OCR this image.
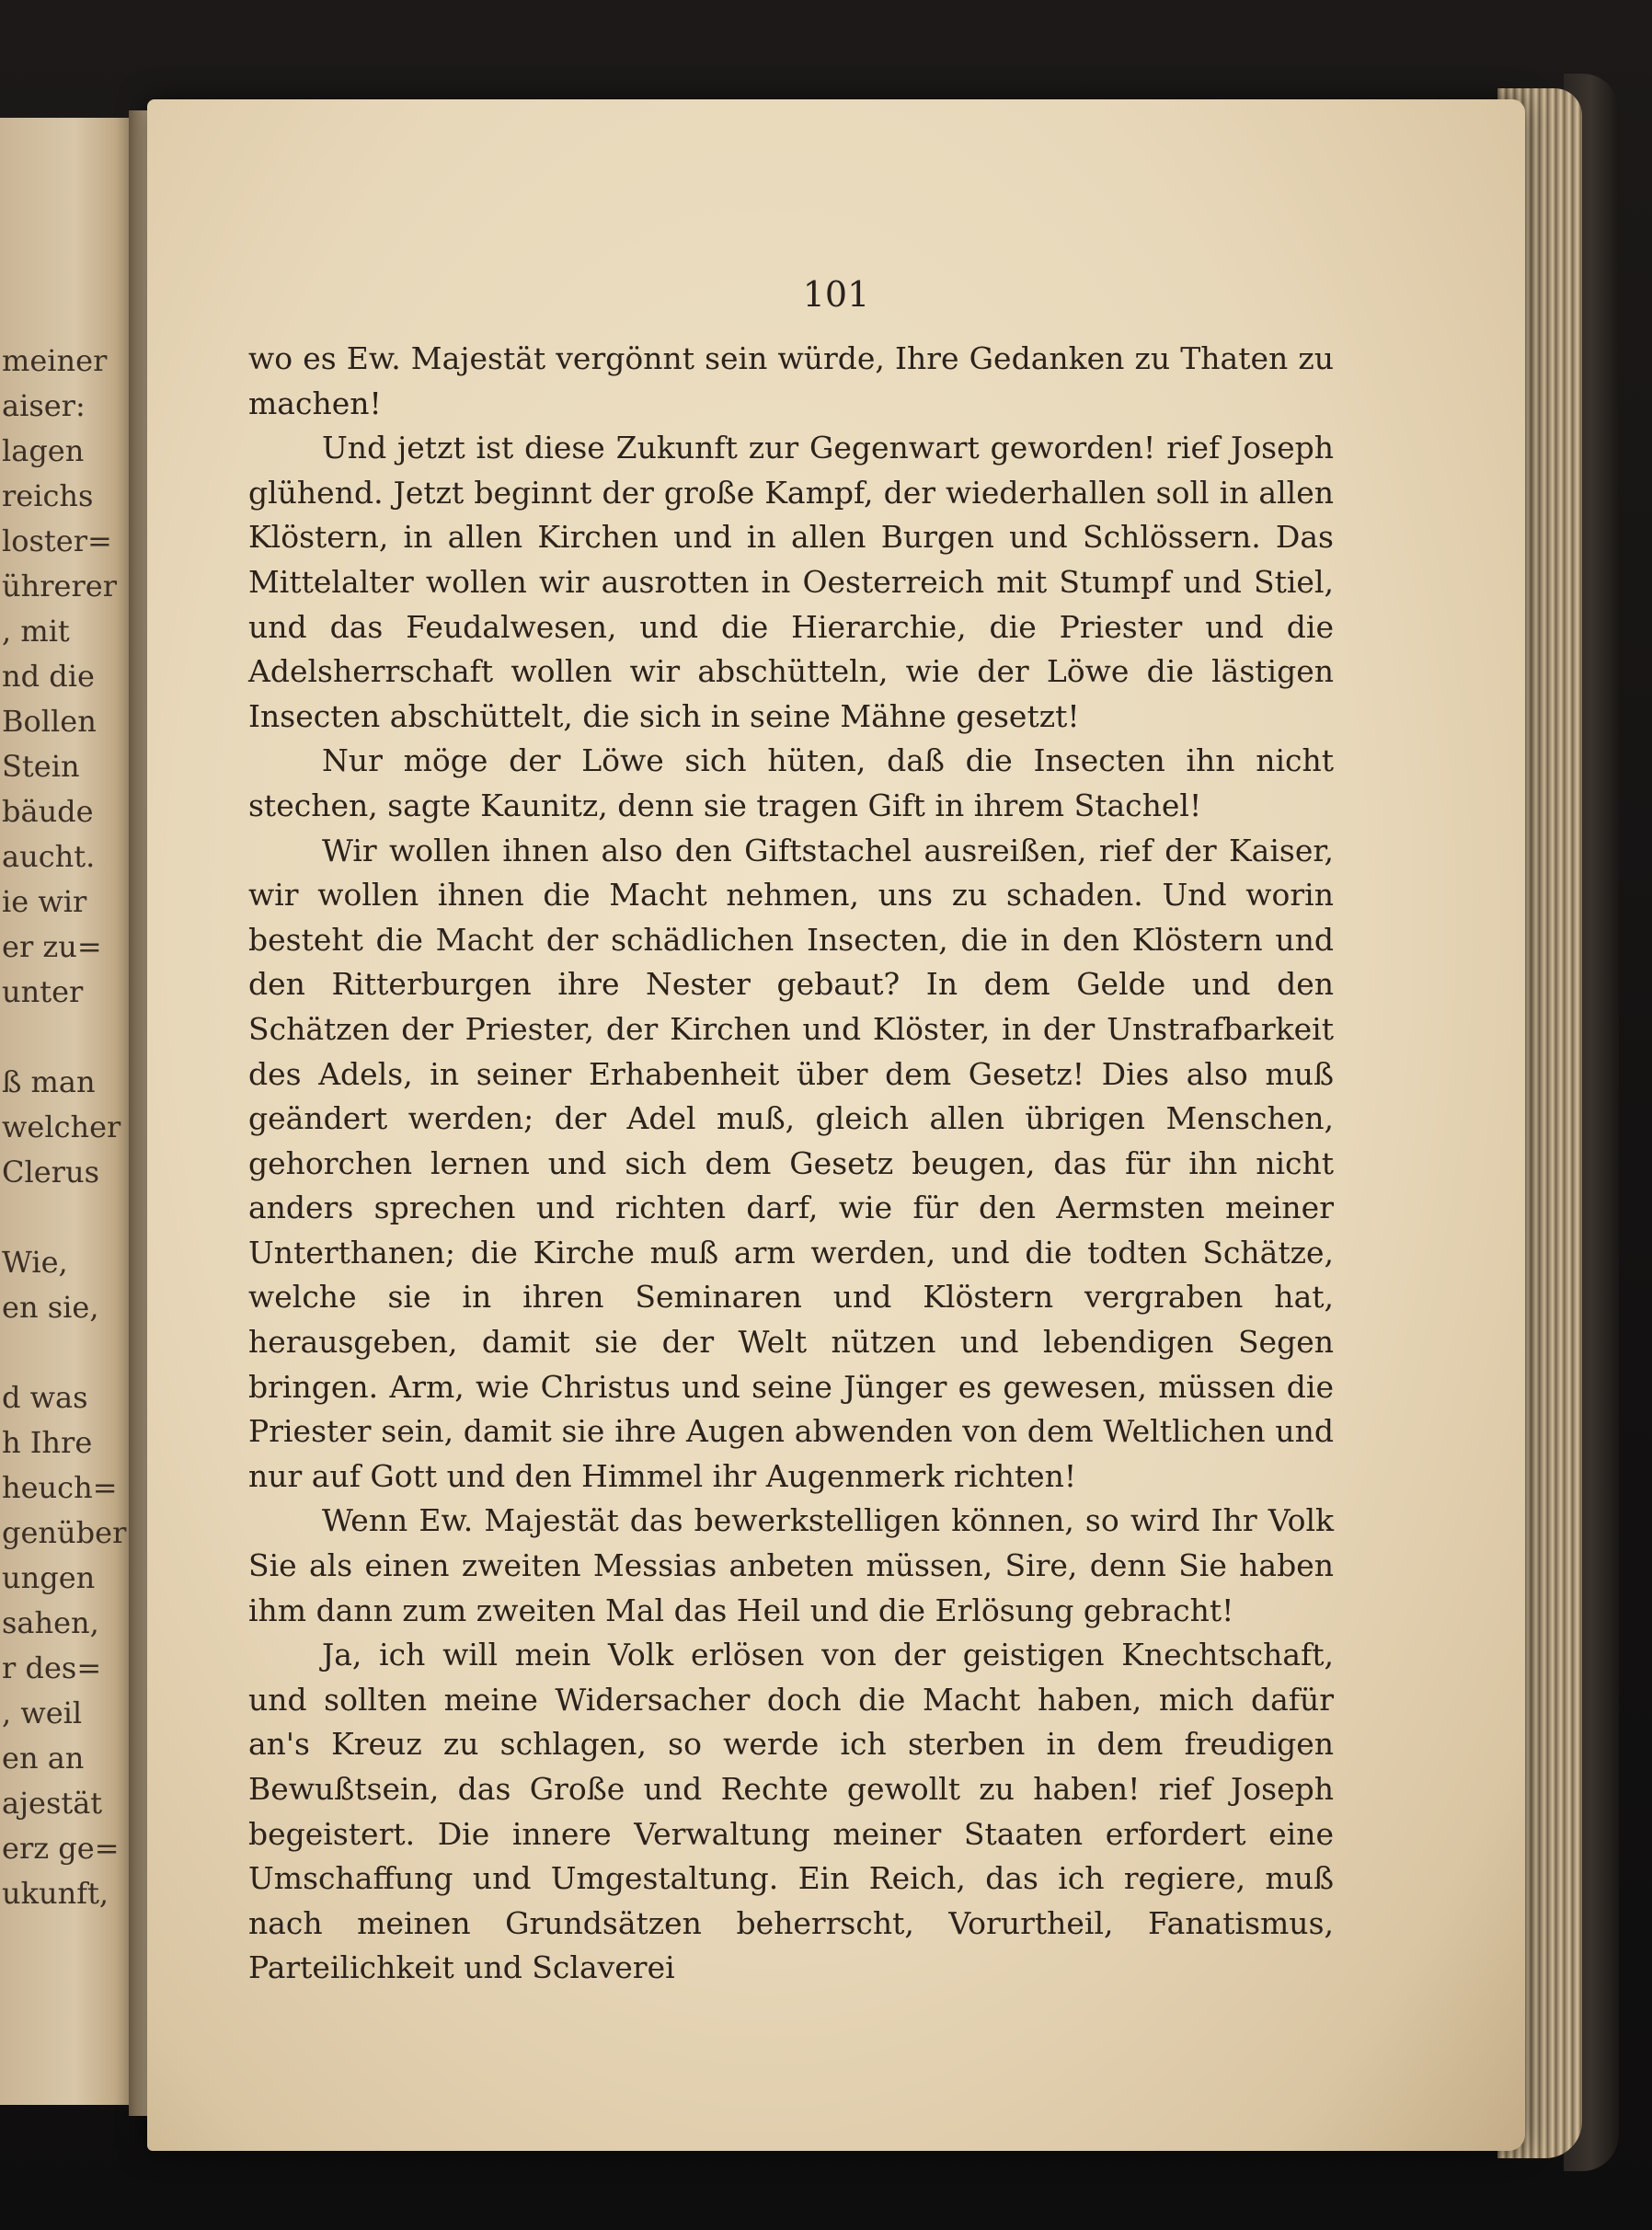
meiner
aiser:
lagen
reichs
loster=
ührerer
, mit
nd die
Bollen
Stein
bäude
aucht.
ie wir
er zu=
unter

ß man
welcher
Clerus

Wie,
en sie,

d was
h Ihre
heuch=
genüber
ungen
sahen,
r des=
, weil
en an
ajestät
erz ge=
ukunft,
101

wo es Ew. Majestät vergönnt sein würde, Ihre Gedanken zu Thaten zu machen!

Und jetzt ist diese Zukunft zur Gegenwart geworden! rief Joseph glühend. Jetzt beginnt der große Kampf, der wiederhallen soll in allen Klöstern, in allen Kirchen und in allen Burgen und Schlössern. Das Mittelalter wollen wir ausrotten in Oesterreich mit Stumpf und Stiel, und das Feudalwesen, und die Hierarchie, die Priester und die Adelsherrschaft wollen wir abschütteln, wie der Löwe die lästigen Insecten abschüttelt, die sich in seine Mähne gesetzt!

Nur möge der Löwe sich hüten, daß die Insecten ihn nicht stechen, sagte Kaunitz, denn sie tragen Gift in ihrem Stachel!

Wir wollen ihnen also den Giftstachel ausreißen, rief der Kaiser, wir wollen ihnen die Macht nehmen, uns zu schaden. Und worin besteht die Macht der schädlichen Insecten, die in den Klöstern und den Ritterburgen ihre Nester gebaut? In dem Gelde und den Schätzen der Priester, der Kirchen und Klöster, in der Unstrafbarkeit des Adels, in seiner Erhabenheit über dem Gesetz! Dies also muß geändert werden; der Adel muß, gleich allen übrigen Menschen, gehorchen lernen und sich dem Gesetz beugen, das für ihn nicht anders sprechen und richten darf, wie für den Aermsten meiner Unterthanen; die Kirche muß arm werden, und die todten Schätze, welche sie in ihren Seminaren und Klöstern vergraben hat, herausgeben, damit sie der Welt nützen und lebendigen Segen bringen. Arm, wie Christus und seine Jünger es gewesen, müssen die Priester sein, damit sie ihre Augen abwenden von dem Weltlichen und nur auf Gott und den Himmel ihr Augenmerk richten!

Wenn Ew. Majestät das bewerkstelligen können, so wird Ihr Volk Sie als einen zweiten Messias anbeten müssen, Sire, denn Sie haben ihm dann zum zweiten Mal das Heil und die Erlösung gebracht!

Ja, ich will mein Volk erlösen von der geistigen Knechtschaft, und sollten meine Widersacher doch die Macht haben, mich dafür an's Kreuz zu schlagen, so werde ich sterben in dem freudigen Bewußtsein, das Große und Rechte gewollt zu haben! rief Joseph begeistert. Die innere Verwaltung meiner Staaten erfordert eine Umschaffung und Umgestaltung. Ein Reich, das ich regiere, muß nach meinen Grundsätzen beherrscht, Vorurtheil, Fanatismus, Parteilichkeit und Sclaverei
